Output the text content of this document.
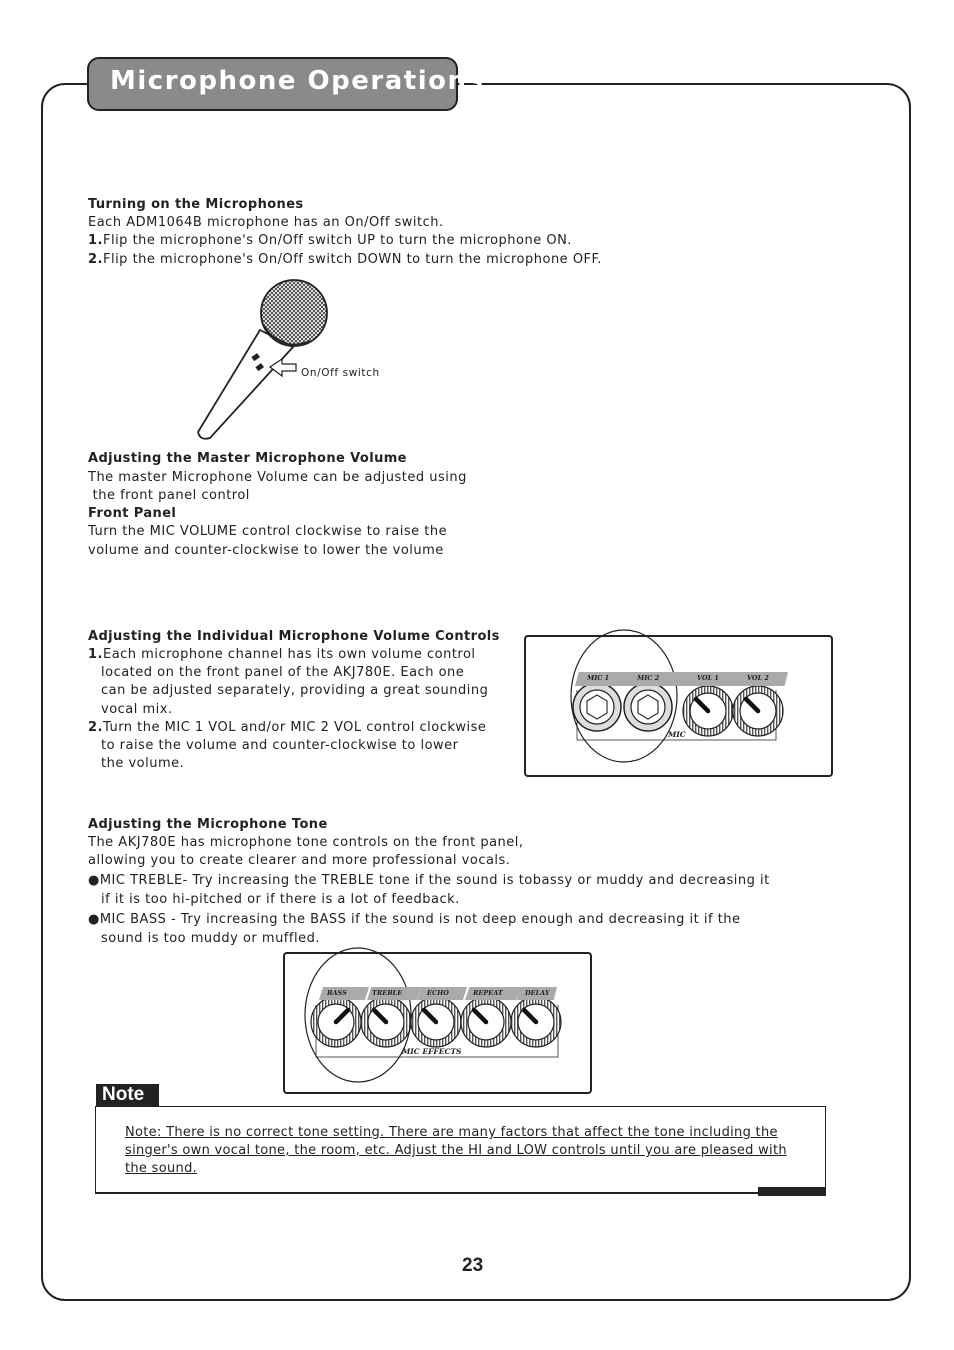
Microphone Operations
Turning on the Microphones
Each ADM1064B microphone has an On/Off switch.
1.Flip the microphone's On/Off switch UP to turn the microphone ON.
2.Flip the microphone's On/Off switch DOWN to turn the microphone OFF.
On/Off switch
Adjusting the Master Microphone Volume
The master Microphone Volume can be adjusted using
the front panel control
Front Panel
Turn the MIC VOLUME control clockwise to raise the
volume and counter-clockwise to lower the volume
Adjusting the Individual Microphone Volume Controls
1.Each microphone channel has its own volume control
located on the front panel of the AKJ780E. Each one
can be adjusted separately, providing a great sounding
vocal mix.
2.Turn the MIC 1 VOL and/or MIC 2 VOL control clockwise
to raise the volume and counter-clockwise to lower
the volume.
MIC 1	MIC 2	VOL 1	VOL 2
MIC
Adjusting the Microphone Tone
The AKJ780E has microphone tone controls on the front panel,
allowing you to create clearer and more professional vocals.
●MIC TREBLE- Try increasing the TREBLE tone if the sound is tobassy or muddy and decreasing it
if it is too hi-pitched or if there is a lot of feedback.
●MIC BASS - Try increasing the BASS if the sound is not deep enough and decreasing it if the
sound is too muddy or muffled.
BASS	TREBLE	ECHO	REPEAT	DELAY
MIC EFFECTS
Note
Note: There is no correct tone setting. There are many factors that affect the tone including the
singer's own vocal tone, the room, etc. Adjust the HI and LOW controls until you are pleased with
the sound.
23
